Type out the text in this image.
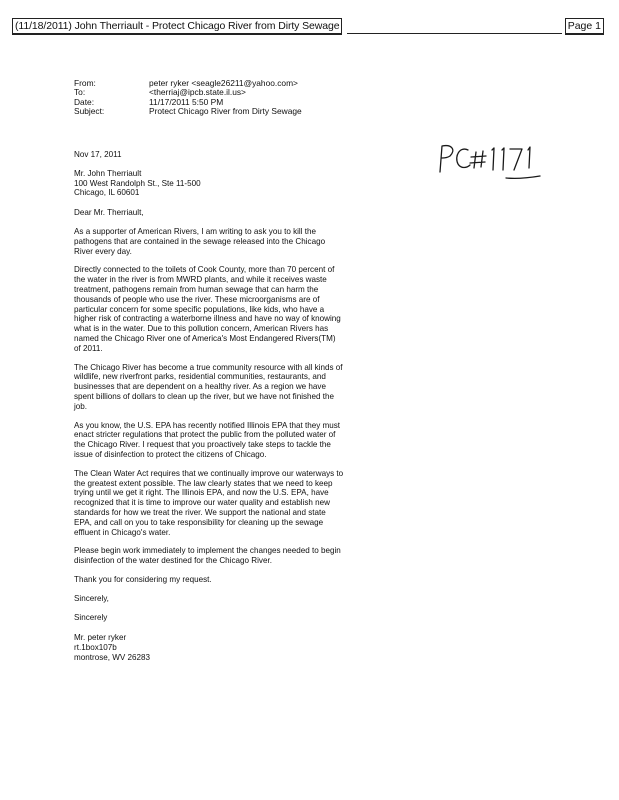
(11/18/2011) John Therriault - Protect Chicago River from Dirty Sewage	Page 1
From:	peter ryker <seagle26211@yahoo.com>
To:	<therriaj@ipcb.state.il.us>
Date:	11/17/2011 5:50 PM
Subject:	Protect Chicago River from Dirty Sewage

Nov 17, 2011

Mr. John Therriault

100 West Randolph St., Ste 11-500

Chicago, IL 60601

Dear Mr. Therriault,

As a supporter of American Rivers, I am writing to ask you to kill the pathogens that are contained in the sewage released into the Chicago River every day.

Directly connected to the toilets of Cook County, more than 70 percent of the water in the river is from MWRD plants, and while it receives waste treatment, pathogens remain from human sewage that can harm the thousands of people who use the river. These microorganisms are of particular concern for some specific populations, like kids, who have a higher risk of contracting a waterborne illness and have no way of knowing what is in the water. Due to this pollution concern, American Rivers has named the Chicago River one of America's Most Endangered Rivers(TM) of 2011.

The Chicago River has become a true community resource with all kinds of wildlife, new riverfront parks, residential communities, restaurants, and businesses that are dependent on a healthy river. As a region we have spent billions of dollars to clean up the river, but we have not finished the job.

As you know, the U.S. EPA has recently notified Illinois EPA that they must enact stricter regulations that protect the public from the polluted water of the Chicago River. I request that you proactively take steps to tackle the issue of disinfection to protect the citizens of Chicago.

The Clean Water Act requires that we continually improve our waterways to the greatest extent possible. The law clearly states that we need to keep trying until we get it right. The Illinois EPA, and now the U.S. EPA, have recognized that it is time to improve our water quality and establish new standards for how we treat the river. We support the national and state EPA, and call on you to take responsibility for cleaning up the sewage effluent in Chicago's water.

Please begin work immediately to implement the changes needed to begin disinfection of the water destined for the Chicago River.

Thank you for considering my request.

Sincerely,

Sincerely

Mr. peter ryker

rt.1box107b

montrose, WV 26283
